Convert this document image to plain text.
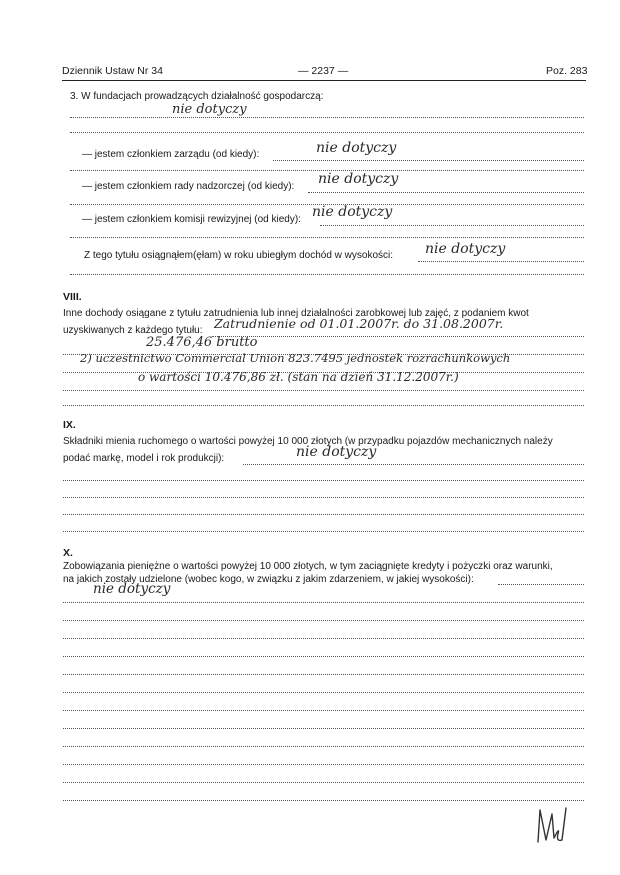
Dziennik Ustaw Nr 34	— 2237 —	Poz. 283
3. W fundacjach prowadzących działalność gospodarczą:
nie dotyczy
— jestem członkiem zarządu (od kiedy):	nie dotyczy
— jestem członkiem rady nadzorczej (od kiedy): nie dotyczy
— jestem członkiem komisji rewizyjnej (od kiedy): nie dotyczy
Z tego tytułu osiągnąłem(ęłam) w roku ubiegłym dochód w wysokości: nie dotyczy
VIII.
Inne dochody osiągane z tytułu zatrudnienia lub innej działalności zarobkowej lub zajęć, z podaniem kwot
uzyskiwanych z każdego tytułu: Zatrudnienie od 01.01.2007r. do 31.08.2007r.
25.476,46 brutto
2) uczestnictwo Commercial Union 823.7495 jednostek rozrachunkowych
o wartości 10.476,86 zł. (stan na dzień 31.12.2007r.)
IX.
Składniki mienia ruchomego o wartości powyżej 10 000 złotych (w przypadku pojazdów mechanicznych należy
podać markę, model i rok produkcji):	nie dotyczy
X.
Zobowiązania pieniężne o wartości powyżej 10 000 złotych, w tym zaciągnięte kredyty i pożyczki oraz warunki,
na jakich zostały udzielone (wobec kogo, w związku z jakim zdarzeniem, w jakiej wysokości):
nie dotyczy
